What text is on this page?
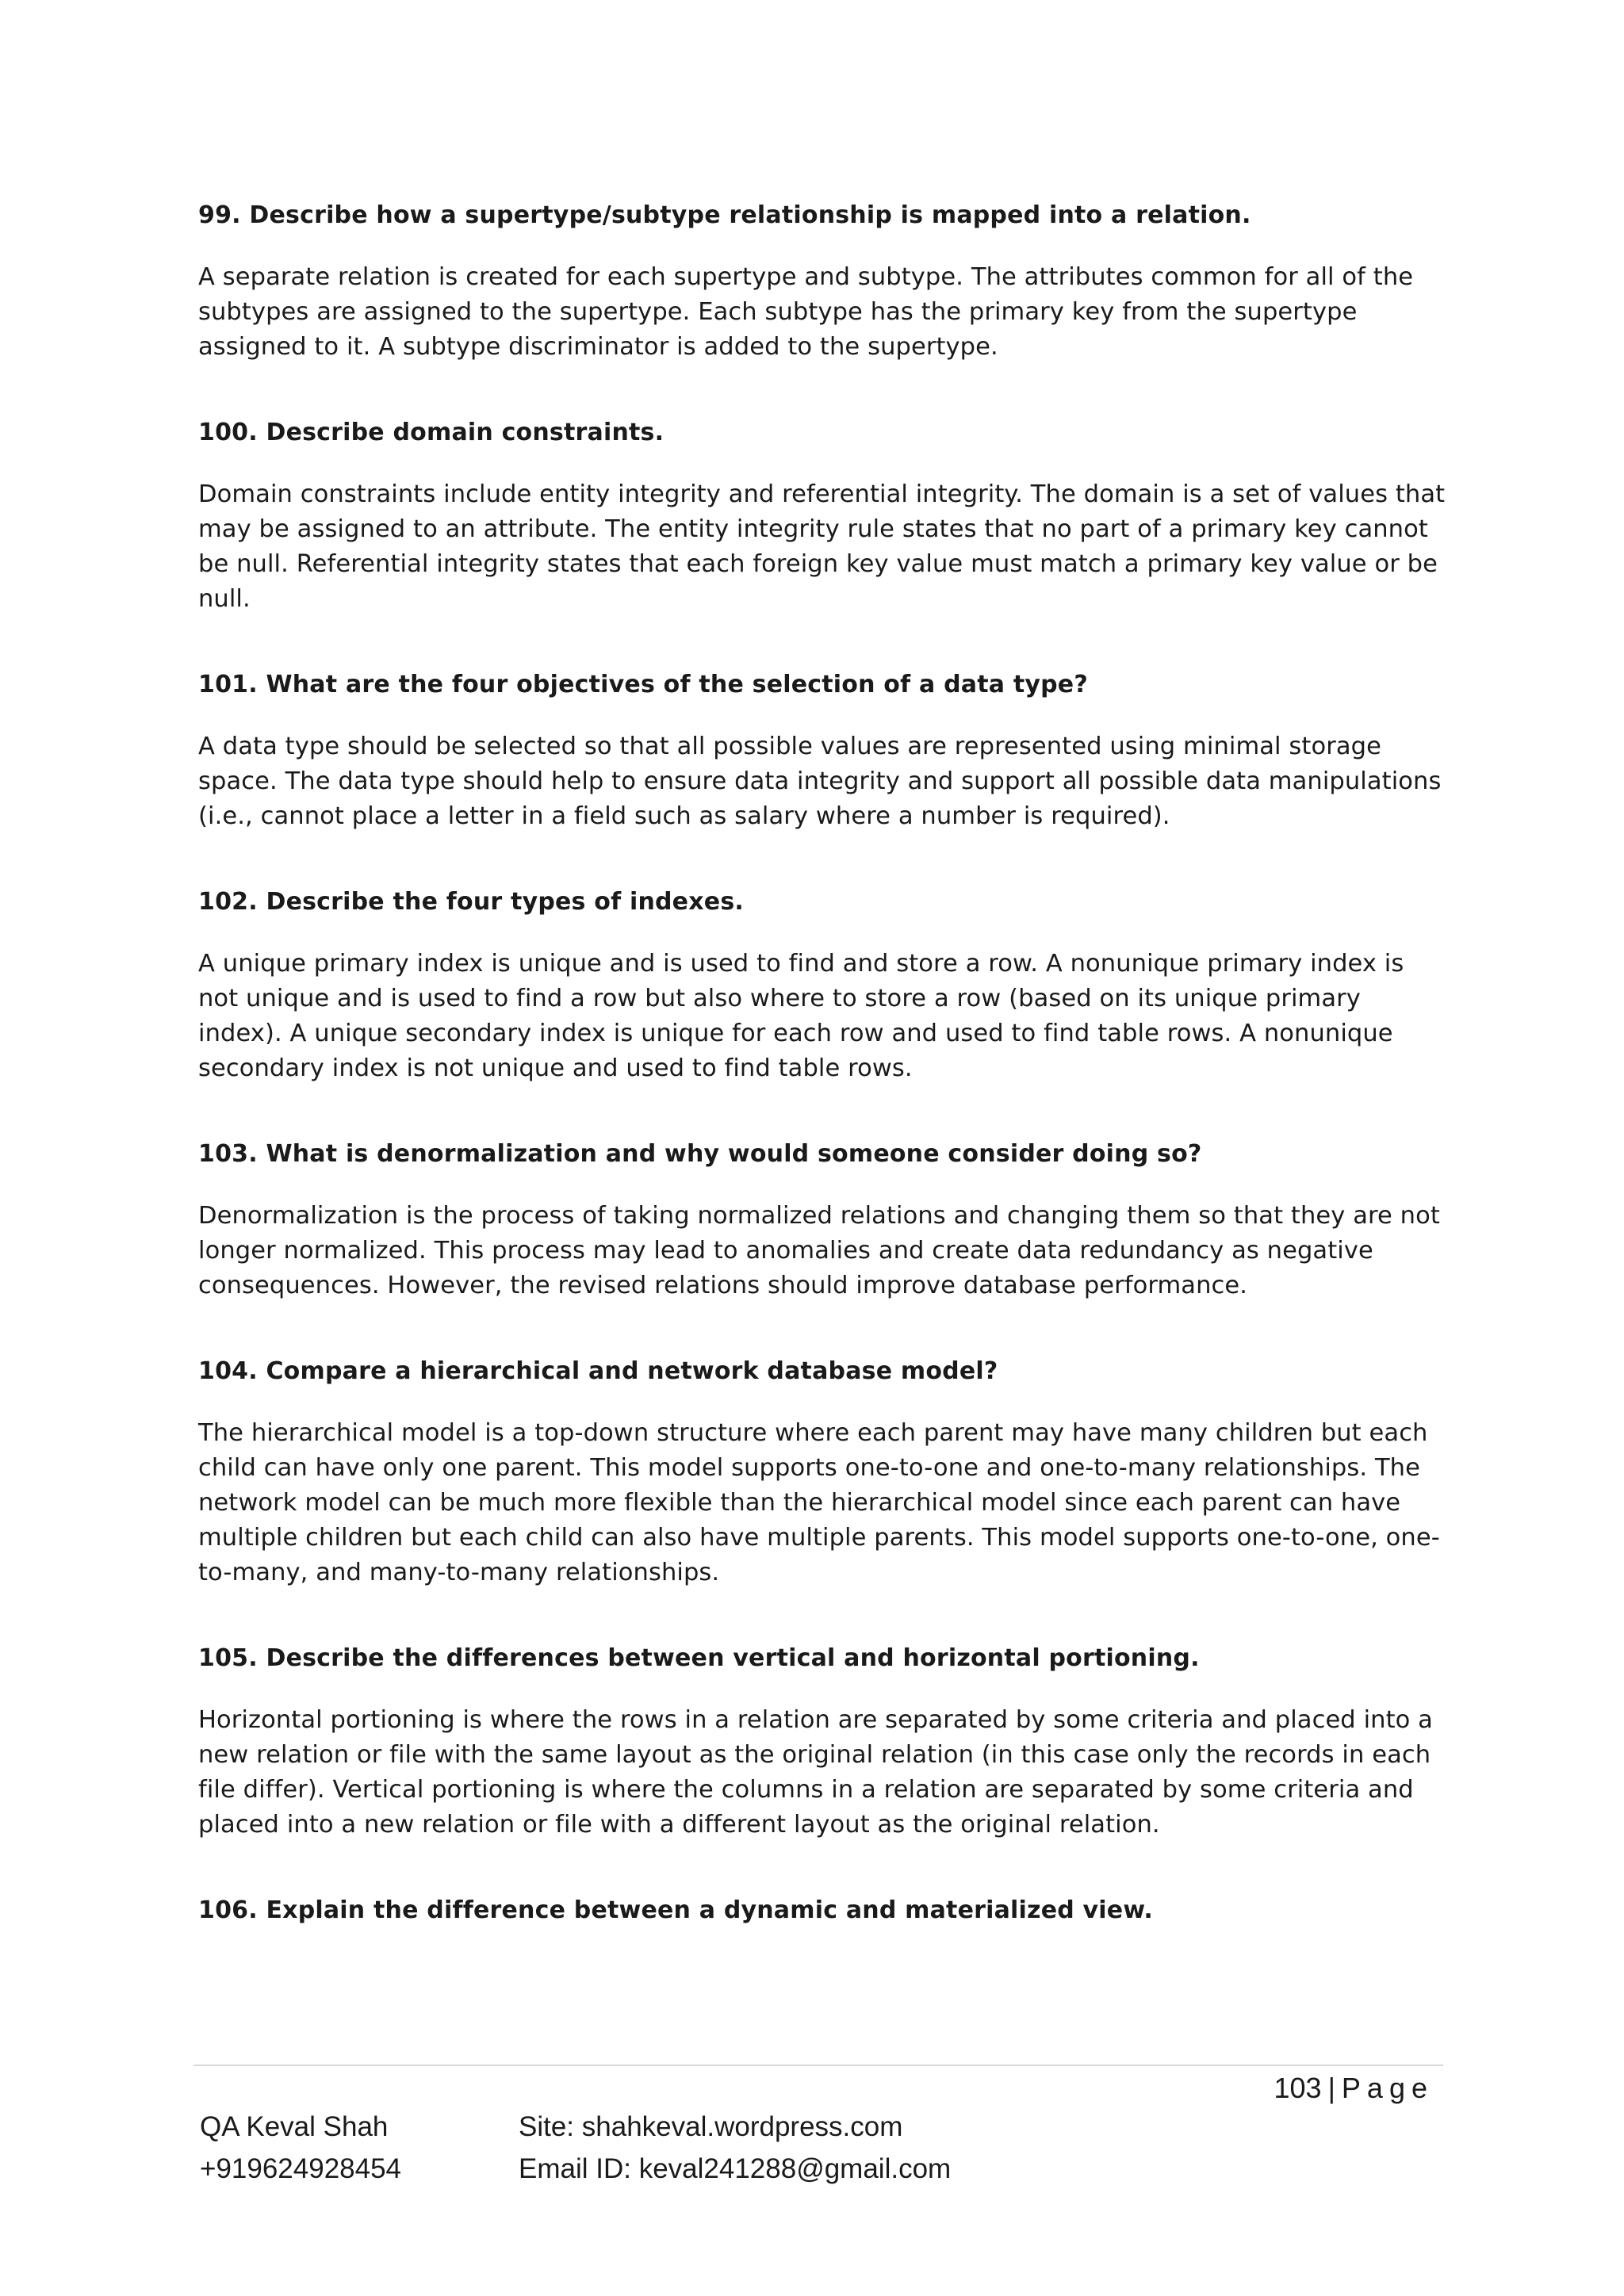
99. Describe how a supertype/subtype relationship is mapped into a relation.

A separate relation is created for each supertype and subtype. The attributes common for all of the subtypes are assigned to the supertype. Each subtype has the primary key from the supertype assigned to it. A subtype discriminator is added to the supertype.

100. Describe domain constraints.

Domain constraints include entity integrity and referential integrity. The domain is a set of values that may be assigned to an attribute. The entity integrity rule states that no part of a primary key cannot be null. Referential integrity states that each foreign key value must match a primary key value or be null.

101. What are the four objectives of the selection of a data type?

A data type should be selected so that all possible values are represented using minimal storage space. The data type should help to ensure data integrity and support all possible data manipulations (i.e., cannot place a letter in a field such as salary where a number is required).

102. Describe the four types of indexes.

A unique primary index is unique and is used to find and store a row. A nonunique primary index is not unique and is used to find a row but also where to store a row (based on its unique primary index). A unique secondary index is unique for each row and used to find table rows. A nonunique secondary index is not unique and used to find table rows.

103. What is denormalization and why would someone consider doing so?

Denormalization is the process of taking normalized relations and changing them so that they are not longer normalized. This process may lead to anomalies and create data redundancy as negative consequences. However, the revised relations should improve database performance.

104. Compare a hierarchical and network database model?

The hierarchical model is a top-down structure where each parent may have many children but each child can have only one parent. This model supports one-to-one and one-to-many relationships. The network model can be much more flexible than the hierarchical model since each parent can have multiple children but each child can also have multiple parents. This model supports one-to-one, one-to-many, and many-to-many relationships.

105. Describe the differences between vertical and horizontal portioning.

Horizontal portioning is where the rows in a relation are separated by some criteria and placed into a new relation or file with the same layout as the original relation (in this case only the records in each file differ). Vertical portioning is where the columns in a relation are separated by some criteria and placed into a new relation or file with a different layout as the original relation.

106. Explain the difference between a dynamic and materialized view.

103 | Page
QA Keval Shah
+919624928454
Site: shahkeval.wordpress.com
Email ID: keval241288@gmail.com
